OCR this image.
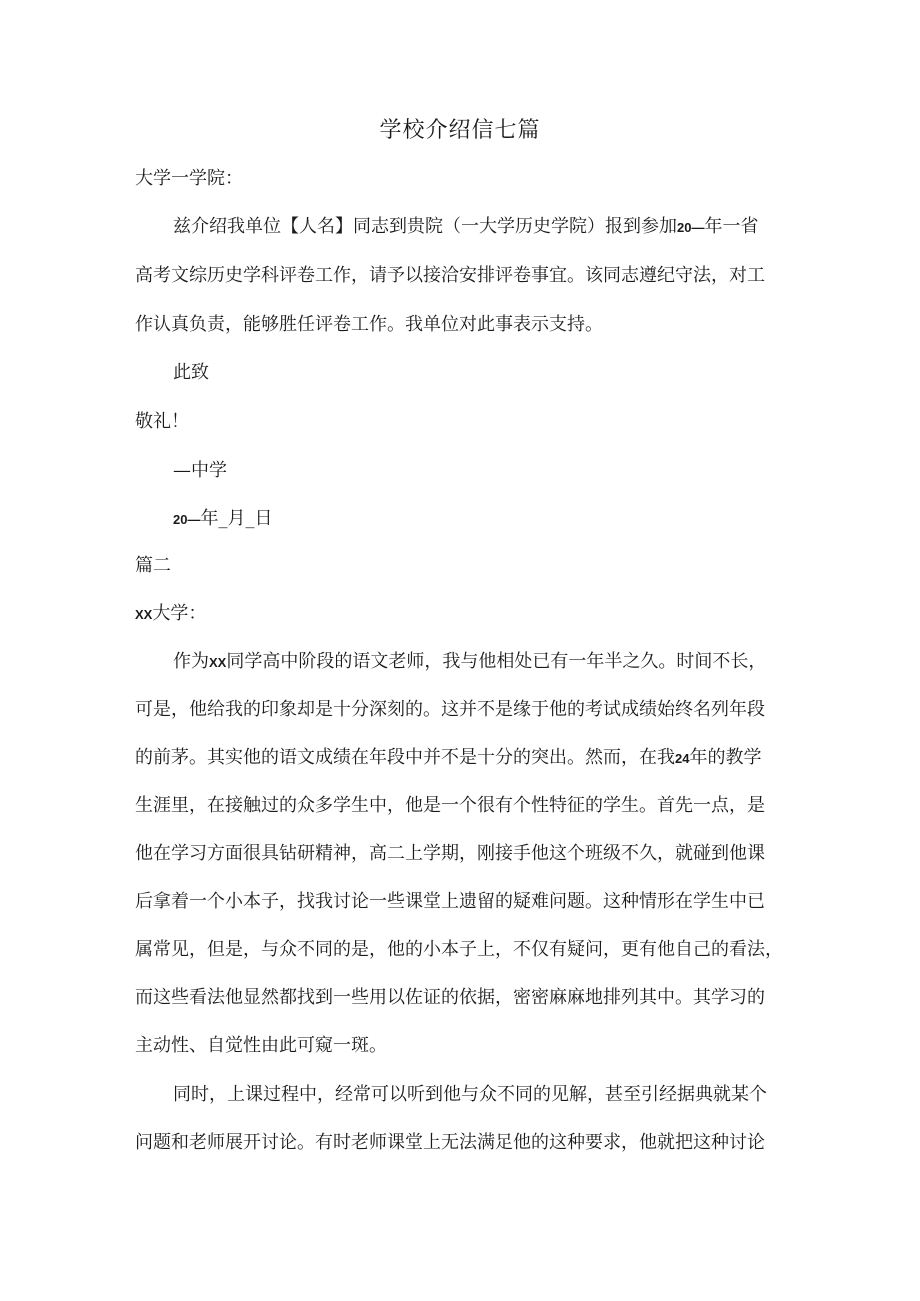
学校介绍信七篇

大学一学院：

兹介绍我单位【人名】同志到贵院（一大学历史学院）报到参加20—年一省

高考文综历史学科评卷工作，请予以接洽安排评卷事宜。该同志遵纪守法，对工

作认真负责，能够胜任评卷工作。我单位对此事表示支持。

此致

敬礼！

—中学

20—年_月_日

篇二

XX大学：

作为XX同学高中阶段的语文老师，我与他相处已有一年半之久。时间不长，

可是，他给我的印象却是十分深刻的。这并不是缘于他的考试成绩始终名列年段

的前茅。其实他的语文成绩在年段中并不是十分的突出。然而，在我24年的教学

生涯里，在接触过的众多学生中，他是一个很有个性特征的学生。首先一点，是

他在学习方面很具钻研精神，高二上学期，刚接手他这个班级不久，就碰到他课

后拿着一个小本子，找我讨论一些课堂上遗留的疑难问题。这种情形在学生中已

属常见，但是，与众不同的是，他的小本子上，不仅有疑问，更有他自己的看法，

而这些看法他显然都找到一些用以佐证的依据，密密麻麻地排列其中。其学习的

主动性、自觉性由此可窥一斑。

同时，上课过程中，经常可以听到他与众不同的见解，甚至引经据典就某个

问题和老师展开讨论。有时老师课堂上无法满足他的这种要求，他就把这种讨论
